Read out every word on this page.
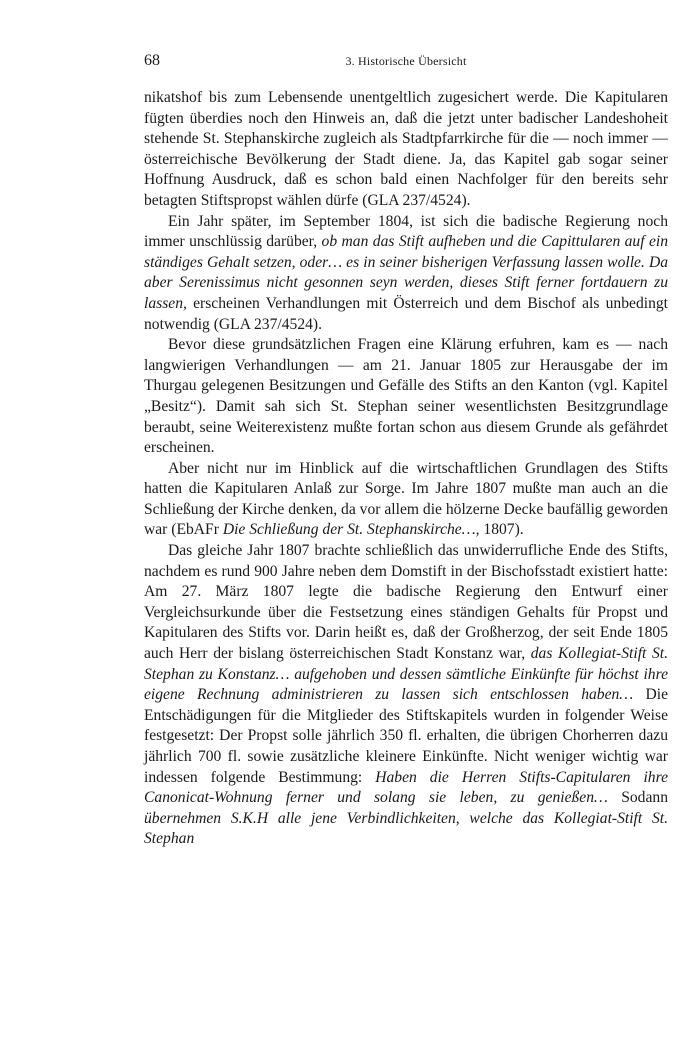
68	3. Historische Übersicht

nikatshof bis zum Lebensende unentgeltlich zugesichert werde. Die Kapitularen fügten überdies noch den Hinweis an, daß die jetzt unter badischer Landeshoheit stehende St. Stephanskirche zugleich als Stadtpfarrkirche für die — noch immer — österreichische Bevölkerung der Stadt diene. Ja, das Kapitel gab sogar seiner Hoffnung Ausdruck, daß es schon bald einen Nachfolger für den bereits sehr betagten Stiftspropst wählen dürfe (GLA 237/4524).

Ein Jahr später, im September 1804, ist sich die badische Regierung noch immer unschlüssig darüber, ob man das Stift aufheben und die Capittularen auf ein ständiges Gehalt setzen, oder… es in seiner bisherigen Verfassung lassen wolle. Da aber Serenissimus nicht gesonnen seyn werden, dieses Stift ferner fortdauern zu lassen, erscheinen Verhandlungen mit Österreich und dem Bischof als unbedingt notwendig (GLA 237/4524).

Bevor diese grundsätzlichen Fragen eine Klärung erfuhren, kam es — nach langwierigen Verhandlungen — am 21. Januar 1805 zur Herausgabe der im Thurgau gelegenen Besitzungen und Gefälle des Stifts an den Kanton (vgl. Kapitel „Besitz“). Damit sah sich St. Stephan seiner wesentlichsten Besitzgrundlage beraubt, seine Weiterexistenz mußte fortan schon aus diesem Grunde als gefährdet erscheinen.

Aber nicht nur im Hinblick auf die wirtschaftlichen Grundlagen des Stifts hatten die Kapitularen Anlaß zur Sorge. Im Jahre 1807 mußte man auch an die Schließung der Kirche denken, da vor allem die hölzerne Decke baufällig geworden war (EbAFr Die Schließung der St. Stephanskirche…, 1807).

Das gleiche Jahr 1807 brachte schließlich das unwiderrufliche Ende des Stifts, nachdem es rund 900 Jahre neben dem Domstift in der Bischofsstadt existiert hatte: Am 27. März 1807 legte die badische Regierung den Entwurf einer Vergleichsurkunde über die Festsetzung eines ständigen Gehalts für Propst und Kapitularen des Stifts vor. Darin heißt es, daß der Großherzog, der seit Ende 1805 auch Herr der bislang österreichischen Stadt Konstanz war, das Kollegiat-Stift St. Stephan zu Konstanz… aufgehoben und dessen sämtliche Einkünfte für höchst ihre eigene Rechnung administrieren zu lassen sich entschlossen haben… Die Entschädigungen für die Mitglieder des Stiftskapitels wurden in folgender Weise festgesetzt: Der Propst solle jährlich 350 fl. erhalten, die übrigen Chorherren dazu jährlich 700 fl. sowie zusätzliche kleinere Einkünfte. Nicht weniger wichtig war indessen folgende Bestimmung: Haben die Herren Stifts-Capitularen ihre Canonicat-Wohnung ferner und solang sie leben, zu genießen… Sodann übernehmen S.K.H alle jene Verbindlichkeiten, welche das Kollegiat-Stift St. Stephan
